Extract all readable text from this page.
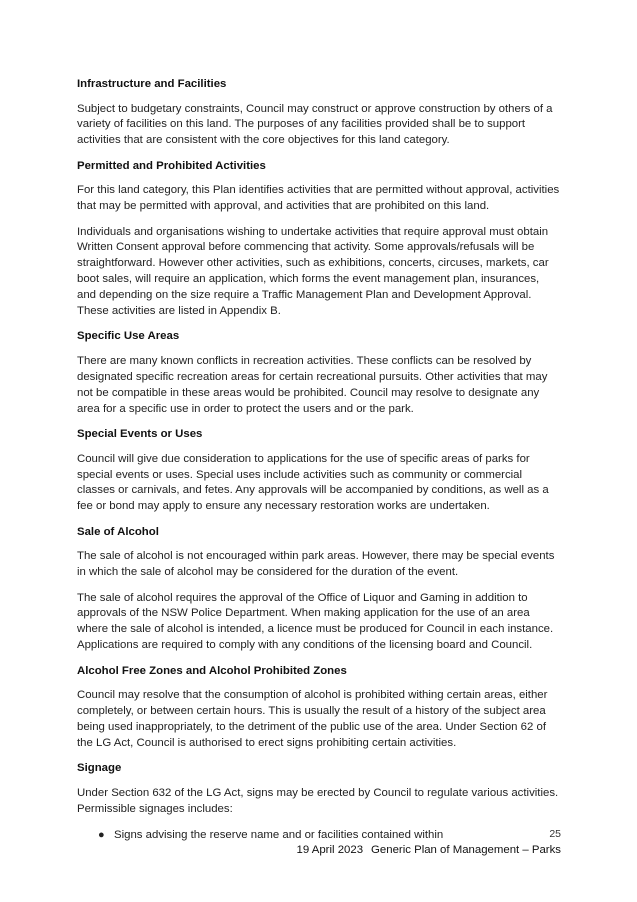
Infrastructure and Facilities

Subject to budgetary constraints, Council may construct or approve construction by others of a variety of facilities on this land. The purposes of any facilities provided shall be to support activities that are consistent with the core objectives for this land category.

Permitted and Prohibited Activities

For this land category, this Plan identifies activities that are permitted without approval, activities that may be permitted with approval, and activities that are prohibited on this land.

Individuals and organisations wishing to undertake activities that require approval must obtain Written Consent approval before commencing that activity. Some approvals/refusals will be straightforward. However other activities, such as exhibitions, concerts, circuses, markets, car boot sales, will require an application, which forms the event management plan, insurances, and depending on the size require a Traffic Management Plan and Development Approval. These activities are listed in Appendix B.

Specific Use Areas

There are many known conflicts in recreation activities. These conflicts can be resolved by designated specific recreation areas for certain recreational pursuits. Other activities that may not be compatible in these areas would be prohibited. Council may resolve to designate any area for a specific use in order to protect the users and or the park.

Special Events or Uses

Council will give due consideration to applications for the use of specific areas of parks for special events or uses. Special uses include activities such as community or commercial classes or carnivals, and fetes. Any approvals will be accompanied by conditions, as well as a fee or bond may apply to ensure any necessary restoration works are undertaken.

Sale of Alcohol

The sale of alcohol is not encouraged within park areas. However, there may be special events in which the sale of alcohol may be considered for the duration of the event.

The sale of alcohol requires the approval of the Office of Liquor and Gaming in addition to approvals of the NSW Police Department. When making application for the use of an area where the sale of alcohol is intended, a licence must be produced for Council in each instance. Applications are required to comply with any conditions of the licensing board and Council.

Alcohol Free Zones and Alcohol Prohibited Zones

Council may resolve that the consumption of alcohol is prohibited withing certain areas, either completely, or between certain hours. This is usually the result of a history of the subject area being used inappropriately, to the detriment of the public use of the area. Under Section 62 of the LG Act, Council is authorised to erect signs prohibiting certain activities.

Signage

Under Section 632 of the LG Act, signs may be erected by Council to regulate various activities. Permissible signages includes:

● Signs advising the reserve name and or facilities contained within	25
19 April 2023 Generic Plan of Management – Parks
